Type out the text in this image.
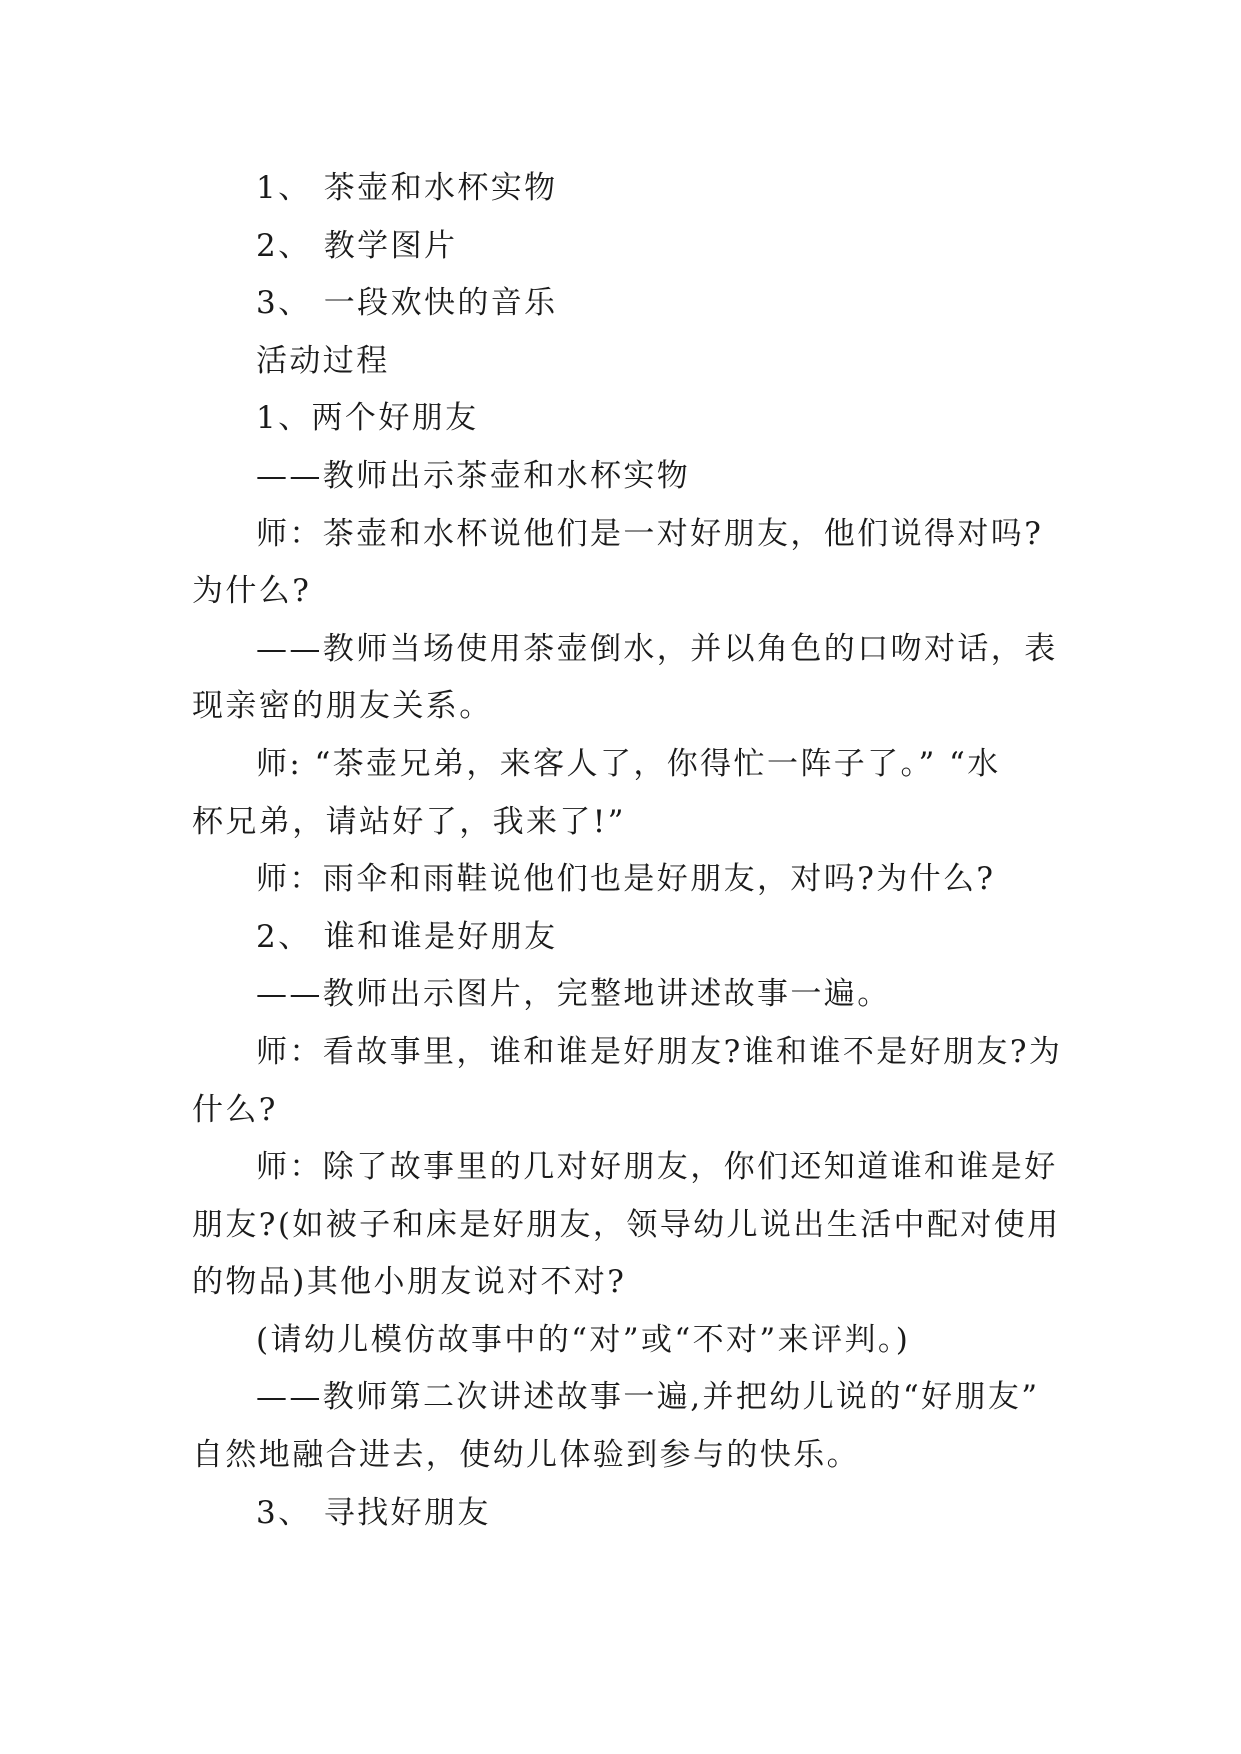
1、 茶壶和水杯实物
2、 教学图片
3、 一段欢快的音乐
活动过程
1、两个好朋友
——教师出示茶壶和水杯实物
师：茶壶和水杯说他们是一对好朋友，他们说得对吗?
为什么?
——教师当场使用茶壶倒水，并以角色的口吻对话，表
现亲密的朋友关系。
师: “茶壶兄弟，来客人了，你得忙一阵子了。” “水
杯兄弟，请站好了，我来了!”
师：雨伞和雨鞋说他们也是好朋友，对吗?为什么?
2、 谁和谁是好朋友
——教师出示图片，完整地讲述故事一遍。
师：看故事里，谁和谁是好朋友?谁和谁不是好朋友?为
什么?
师：除了故事里的几对好朋友，你们还知道谁和谁是好
朋友?(如被子和床是好朋友，领导幼儿说出生活中配对使用
的物品)其他小朋友说对不对?
(请幼儿模仿故事中的“对”或“不对”来评判。)
——教师第二次讲述故事一遍,并把幼儿说的“好朋友”
自然地融合进去，使幼儿体验到参与的快乐。
3、 寻找好朋友
